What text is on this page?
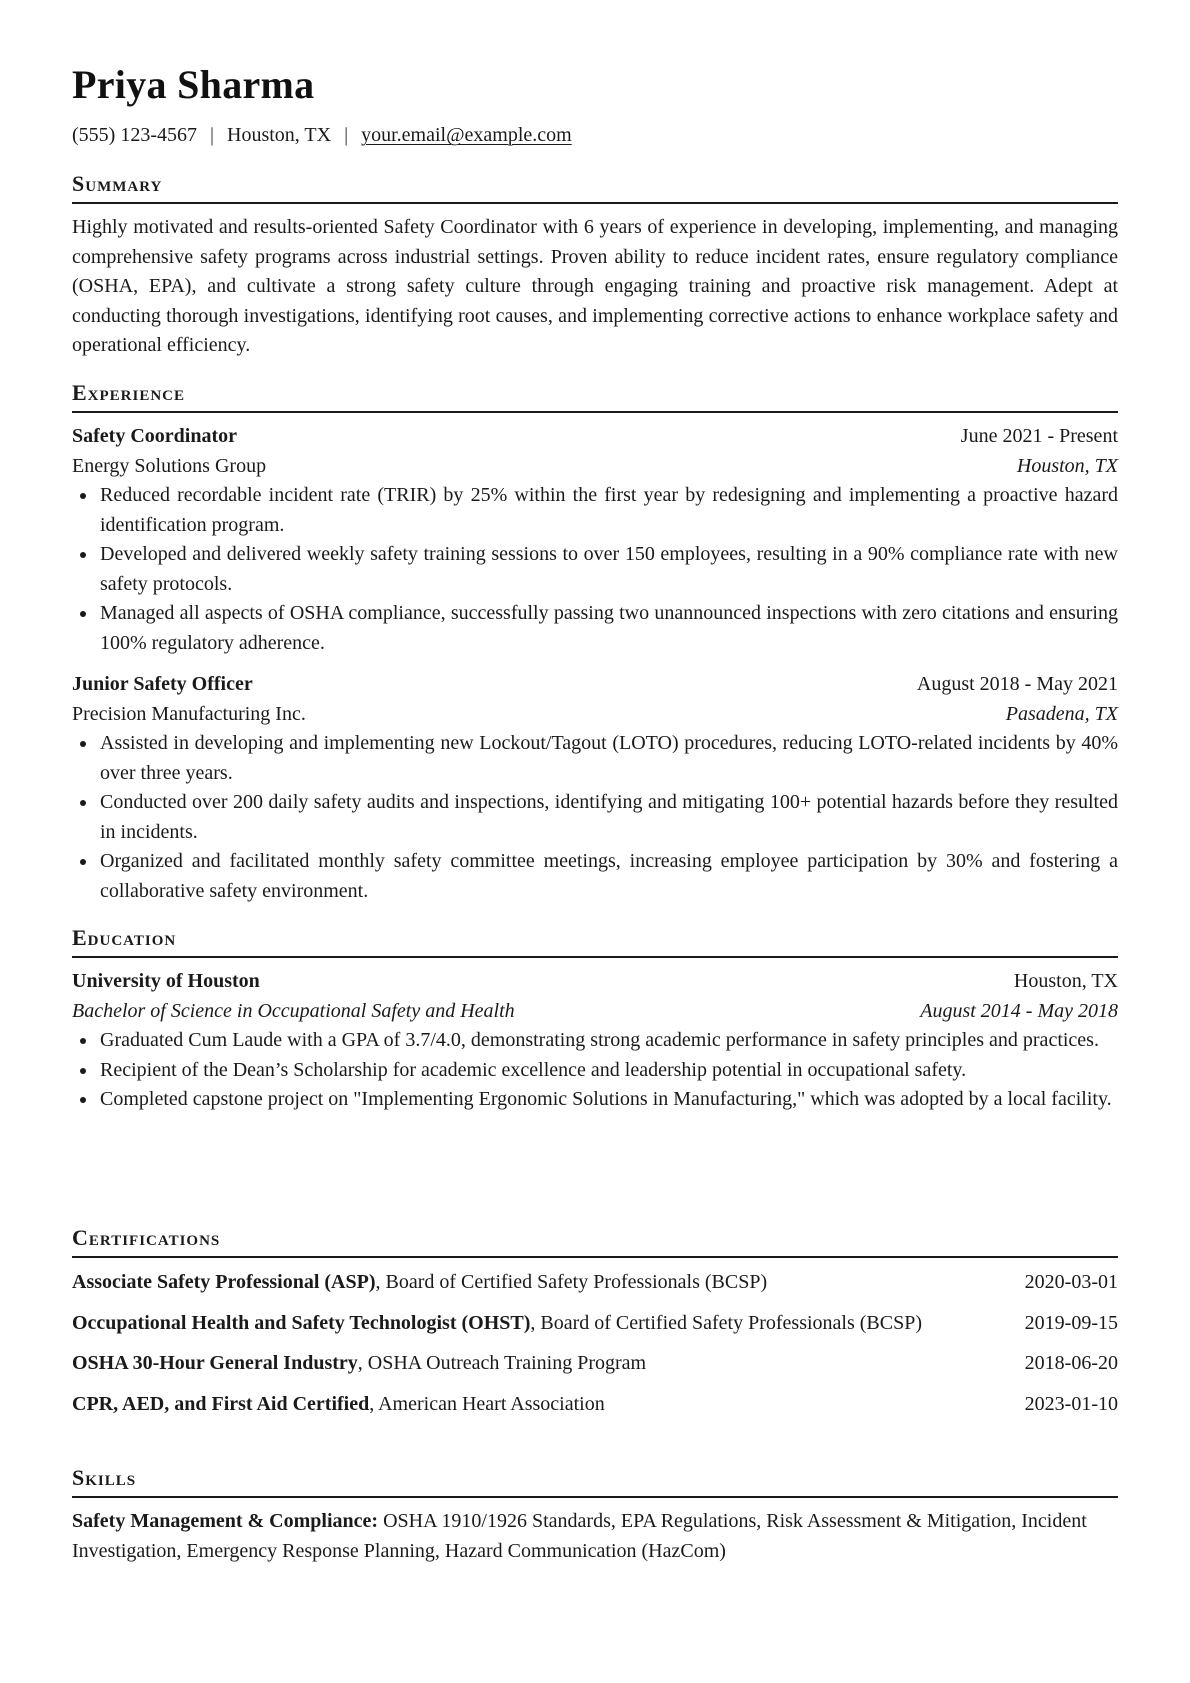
Priya Sharma
(555) 123-4567 | Houston, TX | your.email@example.com
Summary
Highly motivated and results-oriented Safety Coordinator with 6 years of experience in developing, implementing, and managing comprehensive safety programs across industrial settings. Proven ability to reduce incident rates, ensure regulatory compliance (OSHA, EPA), and cultivate a strong safety culture through engaging training and proactive risk management. Adept at conducting thorough investigations, identifying root causes, and implementing corrective actions to enhance workplace safety and operational efficiency.
Experience
Safety Coordinator	June 2021 - Present
Energy Solutions Group	Houston, TX
Reduced recordable incident rate (TRIR) by 25% within the first year by redesigning and implementing a proactive hazard identification program.
Developed and delivered weekly safety training sessions to over 150 employees, resulting in a 90% compliance rate with new safety protocols.
Managed all aspects of OSHA compliance, successfully passing two unannounced inspections with zero citations and ensuring 100% regulatory adherence.
Junior Safety Officer	August 2018 - May 2021
Precision Manufacturing Inc.	Pasadena, TX
Assisted in developing and implementing new Lockout/Tagout (LOTO) procedures, reducing LOTO-related incidents by 40% over three years.
Conducted over 200 daily safety audits and inspections, identifying and mitigating 100+ potential hazards before they resulted in incidents.
Organized and facilitated monthly safety committee meetings, increasing employee participation by 30% and fostering a collaborative safety environment.
Education
University of Houston	Houston, TX
Bachelor of Science in Occupational Safety and Health	August 2014 - May 2018
Graduated Cum Laude with a GPA of 3.7/4.0, demonstrating strong academic performance in safety principles and practices.
Recipient of the Dean’s Scholarship for academic excellence and leadership potential in occupational safety.
Completed capstone project on "Implementing Ergonomic Solutions in Manufacturing," which was adopted by a local facility.
Certifications
Associate Safety Professional (ASP), Board of Certified Safety Professionals (BCSP)	2020-03-01
Occupational Health and Safety Technologist (OHST), Board of Certified Safety Professionals (BCSP)	2019-09-15
OSHA 30-Hour General Industry, OSHA Outreach Training Program	2018-06-20
CPR, AED, and First Aid Certified, American Heart Association	2023-01-10
Skills
Safety Management & Compliance: OSHA 1910/1926 Standards, EPA Regulations, Risk Assessment & Mitigation, Incident Investigation, Emergency Response Planning, Hazard Communication (HazCom)
